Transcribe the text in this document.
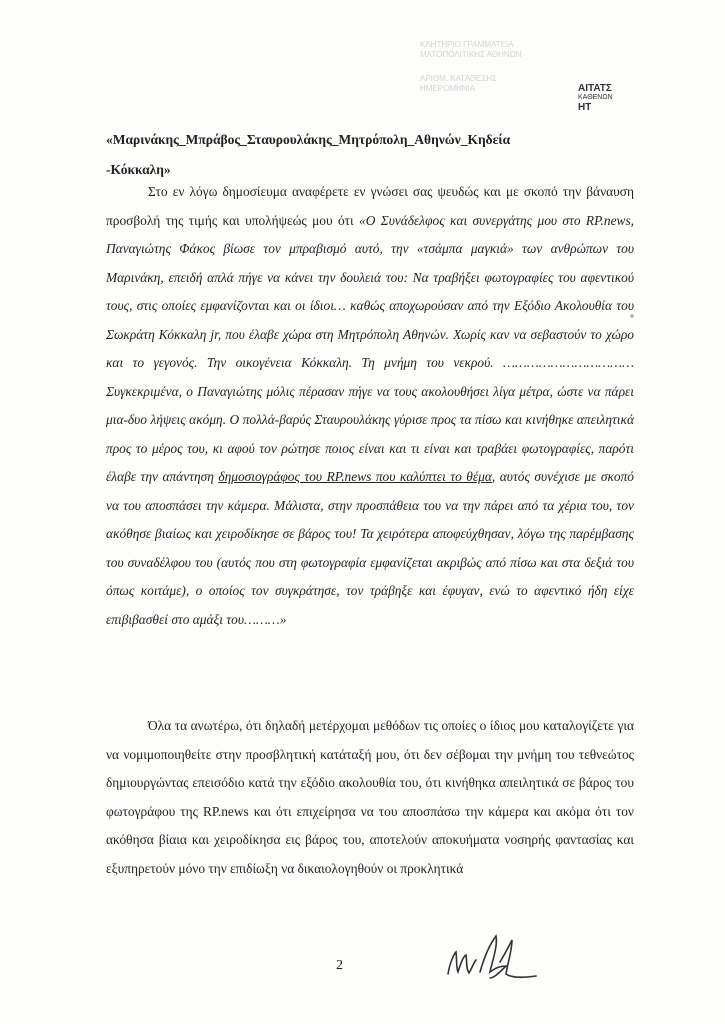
ΚΛΗΤΗΡΙΟ ΓΡΑΜΜΑΤΕΙΑ
ΜΑΤΟΠΟΛΙΤΙΚΗΣ ΑΘΗΝΩΝ
ΑΡΙΘΜ. ΚΑΤΑΘΕΣΗΣ
ΗΜΕΡΟΜΗΝΙΑ	ΑΙΤΑΤΣ
ΚΑΘΕΝΩΝ
ΗΤ
«Μαρινάκης_Μπράβος_Σταυρουλάκης_Μητρόπολη_Αθηνών_Κηδεία
-Κόκκαλη»
Στο εν λόγω δημοσίευμα αναφέρετε εν γνώσει σας ψευδώς και με σκοπό την βάναυση προσβολή της τιμής και υπολήψεώς μου ότι «Ο Συνάδελφος και συνεργάτης μου στο RP.news, Παναγιώτης Φάκος βίωσε τον μπραβισμό αυτό, την «τσάμπα μαγκιά» των ανθρώπων του Μαρινάκη, επειδή απλά πήγε να κάνει την δουλειά του: Να τραβήξει φωτογραφίες του αφεντικού τους, στις οποίες εμφανίζονται και οι ίδιοι… καθώς αποχωρούσαν από την Εξόδιο Ακολουθία του Σωκράτη Κόκκαλη jr, που έλαβε χώρα στη Μητρόπολη Αθηνών. Χωρίς καν να σεβαστούν το χώρο και το γεγονός. Την οικογένεια Κόκκαλη. Τη μνήμη του νεκρού. ……………………………Συγκεκριμένα, ο Παναγιώτης μόλις πέρασαν πήγε να τους ακολουθήσει λίγα μέτρα, ώστε να πάρει μια-δυο λήψεις ακόμη. Ο πολλά-βαρύς Σταυρουλάκης γύρισε προς τα πίσω και κινήθηκε απειλητικά προς το μέρος του, κι αφού τον ρώτησε ποιος είναι και τι είναι και τραβάει φωτογραφίες, παρότι έλαβε την απάντηση δημοσιογράφος του RP.news που καλύπτει το θέμα, αυτός συνέχισε με σκοπό να του αποσπάσει την κάμερα. Μάλιστα, στην προσπάθεια του να την πάρει από τα χέρια του, τον ακόθησε βιαίως και χειροδίκησε σε βάρος του! Τα χειρότερα αποφεύχθησαν, λόγω της παρέμβασης του συναδέλφου του (αυτός που στη φωτογραφία εμφανίζεται ακριβώς από πίσω και στα δεξιά του όπως κοιτάμε), ο οποίος τον συγκράτησε, τον τράβηξε και έφυγαν, ενώ το αφεντικό ήδη είχε επιβιβασθεί στο αμάξι του………»
Όλα τα ανωτέρω, ότι δηλαδή μετέρχομαι μεθόδων τις οποίες ο ίδιος μου καταλογίζετε για να νομιμοποιηθείτε στην προσβλητική κατάταξή μου, ότι δεν σέβομαι την μνήμη του τεθνεώτος δημιουργώντας επεισόδιο κατά την εξόδιο ακολουθία του, ότι κινήθηκα απειλητικά σε βάρος του φωτογράφου της RP.news και ότι επιχείρησα να του αποσπάσω την κάμερα και ακόμα ότι τον ακόθησα βίαια και χειροδίκησα εις βάρος του, αποτελούν αποκυήματα νοσηρής φαντασίας και εξυπηρετούν μόνο την επιδίωξη να δικαιολογηθούν οι προκλητικά
2
